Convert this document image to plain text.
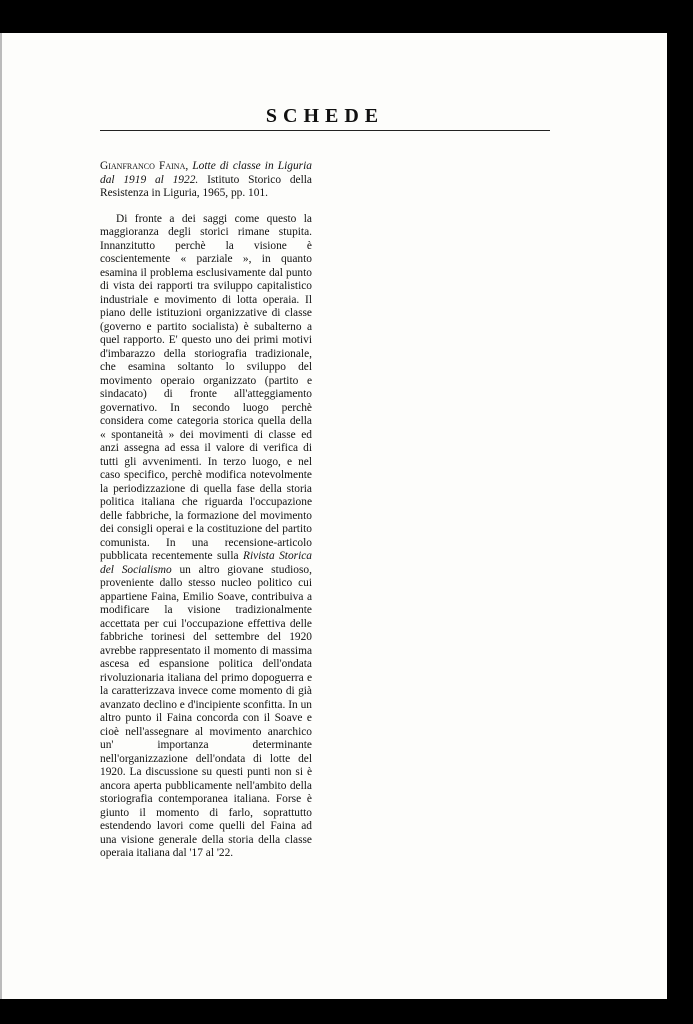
SCHEDE

Gianfranco Faina, Lotte di classe in Liguria dal 1919 al 1922. Istituto Storico della Resistenza in Liguria, 1965, pp. 101.

Di fronte a dei saggi come questo la maggioranza degli storici rimane stupita. Innanzitutto perchè la visione è coscientemente « parziale », in quanto esamina il problema esclusivamente dal punto di vista dei rapporti tra sviluppo capitalistico industriale e movimento di lotta operaia. Il piano delle istituzioni organizzative di classe (governo e partito socialista) è subalterno a quel rapporto. E' questo uno dei primi motivi d'imbarazzo della storiografia tradizionale, che esamina soltanto lo sviluppo del movimento operaio organizzato (partito e sindacato) di fronte all'atteggiamento governativo. In secondo luogo perchè considera come categoria storica quella della « spontaneità » dei movimenti di classe ed anzi assegna ad essa il valore di verifica di tutti gli avvenimenti. In terzo luogo, e nel caso specifico, perchè modifica notevolmente la periodizzazione di quella fase della storia politica italiana che riguarda l'occupazione delle fabbriche, la formazione del movimento dei consigli operai e la costituzione del partito comunista. In una recensione-articolo pubblicata recentemente sulla Rivista Storica del Socialismo un altro giovane studioso, proveniente dallo stesso nucleo politico cui appartiene Faina, Emilio Soave, contribuiva a modificare la visione tradizionalmente accettata per cui l'occupazione effettiva delle fabbriche torinesi del settembre del 1920 avrebbe rappresentato il momento di massima ascesa ed espansione politica dell'ondata rivoluzionaria italiana del primo dopoguerra e la caratterizzava invece come momento di già avanzato declino e d'incipiente sconfitta. In un altro punto il Faina concorda con il Soave e cioè nell'assegnare al movimento anarchico un' importanza determinante nell'organizzazione dell'ondata di lotte del 1920. La discussione su questi punti non si è ancora aperta pubblicamente nell'ambito della storiografia contemporanea italiana. Forse è giunto il momento di farlo, soprattutto estendendo lavori come quelli del Faina ad una visione generale della storia della classe operaia italiana dal '17 al '22.
